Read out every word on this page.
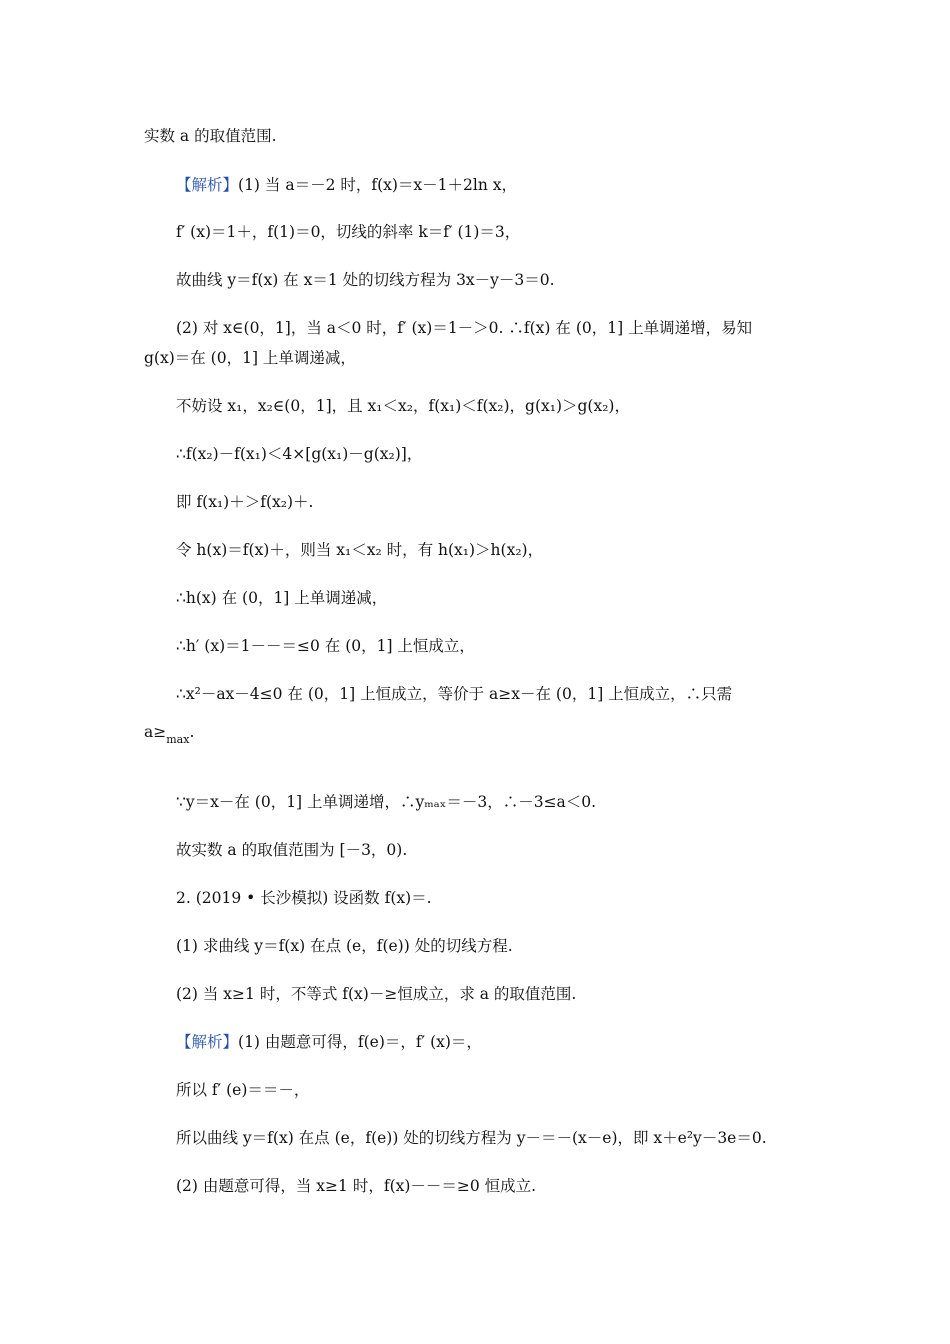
实数 a 的取值范围.
【解析】(1) 当 a＝－2 时，f(x)＝x－1＋2ln x，
f′ (x)＝1＋，f(1)＝0，切线的斜率 k＝f′ (1)＝3，
故曲线 y＝f(x) 在 x＝1 处的切线方程为 3x－y－3＝0.
(2) 对 x∈(0，1]，当 a＜0 时，f′ (x)＝1－＞0. ∴f(x) 在 (0，1] 上单调递增，易知
g(x)＝在 (0，1] 上单调递减，
不妨设 x₁，x₂∈(0，1]，且 x₁＜x₂，f(x₁)＜f(x₂)，g(x₁)＞g(x₂)，
∴f(x₂)－f(x₁)＜4×[g(x₁)－g(x₂)]，
即 f(x₁)＋＞f(x₂)＋.
令 h(x)＝f(x)＋，则当 x₁＜x₂ 时，有 h(x₁)＞h(x₂)，
∴h(x) 在 (0，1] 上单调递减，
∴h′ (x)＝1－－＝≤0 在 (0，1] 上恒成立，
∴x²－ax－4≤0 在 (0，1] 上恒成立，等价于 a≥x－在 (0，1] 上恒成立，∴只需
$a\ge_{max}$.
∵y＝x－在 (0，1] 上单调递增，∴yₘₐₓ＝－3，∴－3≤a＜0.
故实数 a 的取值范围为 [－3，0).
2. (2019 • 长沙模拟) 设函数 f(x)＝.
(1) 求曲线 y＝f(x) 在点 (e，f(e)) 处的切线方程.
(2) 当 x≥1 时，不等式 f(x)－≥恒成立，求 a 的取值范围.
【解析】(1) 由题意可得，f(e)＝，f′ (x)＝，
所以 f′ (e)＝＝－，
所以曲线 y＝f(x) 在点 (e，f(e)) 处的切线方程为 y－＝－(x－e)，即 x＋e²y－3e＝0.
(2) 由题意可得，当 x≥1 时，f(x)－－＝≥0 恒成立.
